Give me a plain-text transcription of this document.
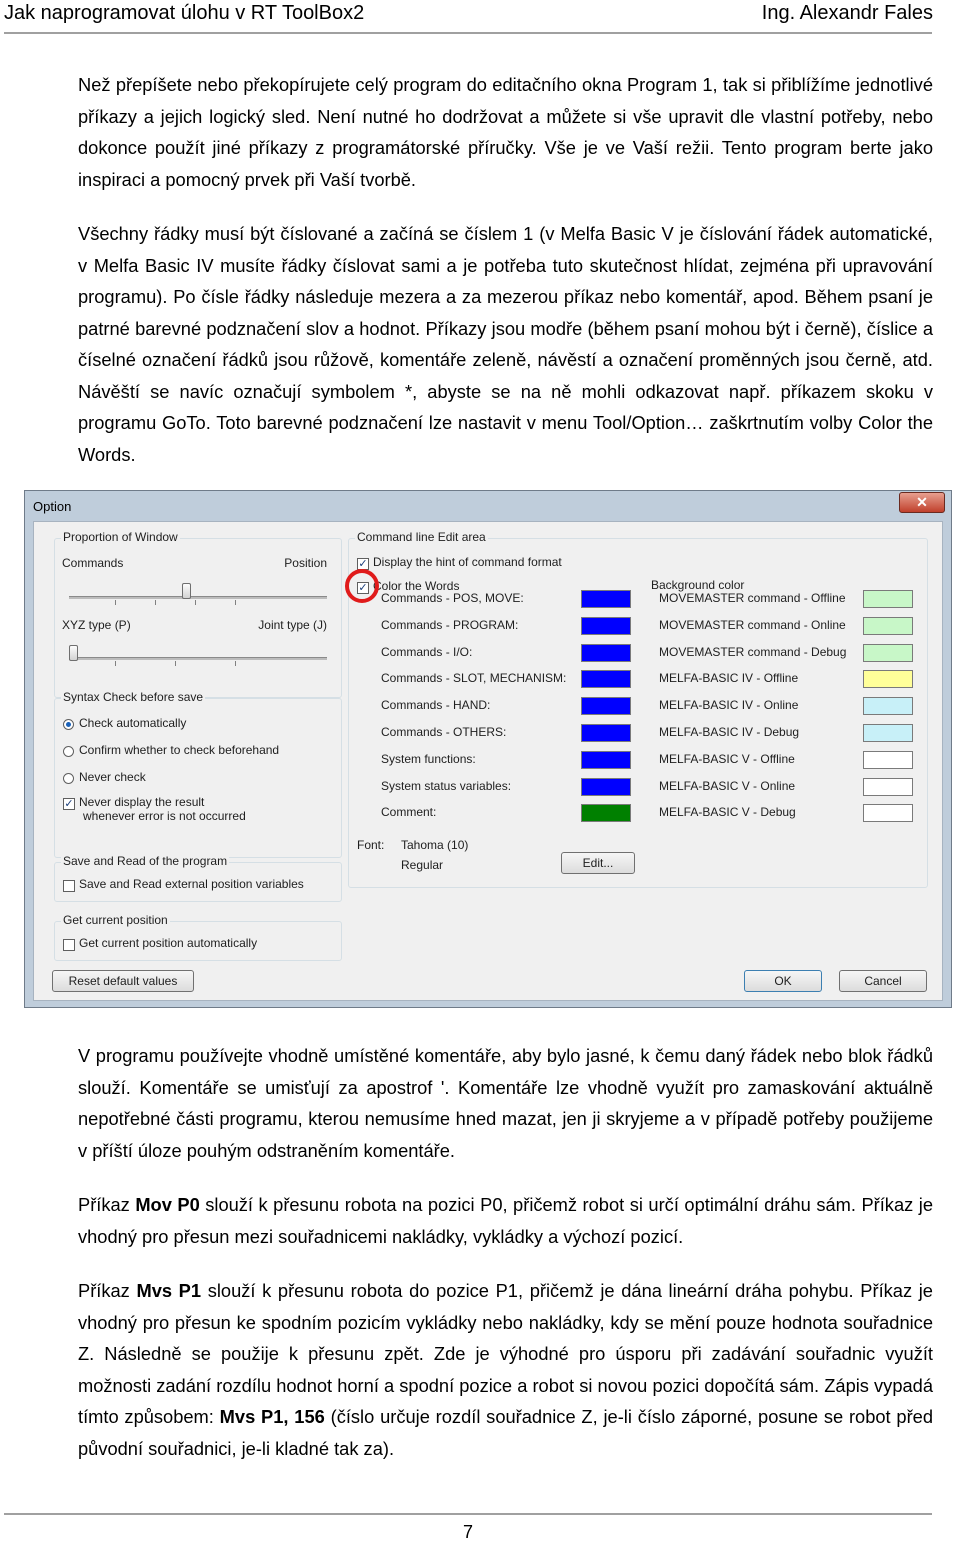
Jak naprogramovat úlohu v RT ToolBox2	Ing. Alexandr Fales
Než přepíšete nebo překopírujete celý program do editačního okna Program 1, tak si přiblížíme jednotlivé příkazy a jejich logický sled. Není nutné ho dodržovat a můžete si vše upravit dle vlastní potřeby, nebo dokonce použít jiné příkazy z programátorské příručky. Vše je ve Vaší režii. Tento program berte jako inspiraci a pomocný prvek při Vaší tvorbě.
Všechny řádky musí být číslované a začíná se číslem 1 (v Melfa Basic V je číslování řádek automatické, v Melfa Basic IV musíte řádky číslovat sami a je potřeba tuto skutečnost hlídat, zejména při upravování programu). Po čísle řádky následuje mezera a za mezerou příkaz nebo komentář, apod. Během psaní je patrné barevné podznačení slov a hodnot. Příkazy jsou modře (během psaní mohou být i černě), číslice a číselné označení řádků jsou růžově, komentáře zeleně, návěstí a označení proměnných jsou černě, atd. Návěští se navíc označují symbolem *, abyste se na ně mohli odkazovat např. příkazem skoku v programu GoTo. Toto barevné podznačení lze nastavit v menu Tool/Option… zaškrtnutím volby Color the Words.
Option	✕
Proportion of Window
Commands	Position
XYZ type (P)	Joint type (J)
Syntax Check before save
Check automatically
Confirm whether to check beforehand
Never check
✓ Never display the result
whenever error is not occurred
Save and Read of the program
Save and Read external position variables
Get current position
Get current position automatically
Command line Edit area
✓ Display the hint of command format
✓ Color the Words	Background color
Commands - POS, MOVE:
Commands - PROGRAM:
Commands - I/O:
Commands - SLOT, MECHANISM:
Commands - HAND:
Commands - OTHERS:
System functions:
System status variables:
Comment:
MOVEMASTER command - Offline
MOVEMASTER command - Online
MOVEMASTER command - Debug
MELFA-BASIC IV - Offline
MELFA-BASIC IV - Online
MELFA-BASIC IV - Debug
MELFA-BASIC V - Offline
MELFA-BASIC V - Online
MELFA-BASIC V - Debug
Font: Tahoma (10)
Regular	Edit...
Reset default values	OK	Cancel
V programu používejte vhodně umístěné komentáře, aby bylo jasné, k čemu daný řádek nebo blok řádků slouží. Komentáře se umisťují za apostrof '. Komentáře lze vhodně využít pro zamaskování aktuálně nepotřebné části programu, kterou nemusíme hned mazat, jen ji skryjeme a v případě potřeby použijeme v příští úloze pouhým odstraněním komentáře.
Příkaz Mov P0 slouží k přesunu robota na pozici P0, přičemž robot si určí optimální dráhu sám. Příkaz je vhodný pro přesun mezi souřadnicemi nakládky, vykládky a výchozí pozicí.
Příkaz Mvs P1 slouží k přesunu robota do pozice P1, přičemž je dána lineární dráha pohybu. Příkaz je vhodný pro přesun ke spodním pozicím vykládky nebo nakládky, kdy se mění pouze hodnota souřadnice Z. Následně se použije k přesunu zpět. Zde je výhodné pro úsporu při zadávání souřadnic využít možnosti zadání rozdílu hodnot horní a spodní pozice a robot si novou pozici dopočítá sám. Zápis vypadá tímto způsobem: Mvs P1, 156 (číslo určuje rozdíl souřadnice Z, je-li číslo záporné, posune se robot před původní souřadnici, je-li kladné tak za).
7
